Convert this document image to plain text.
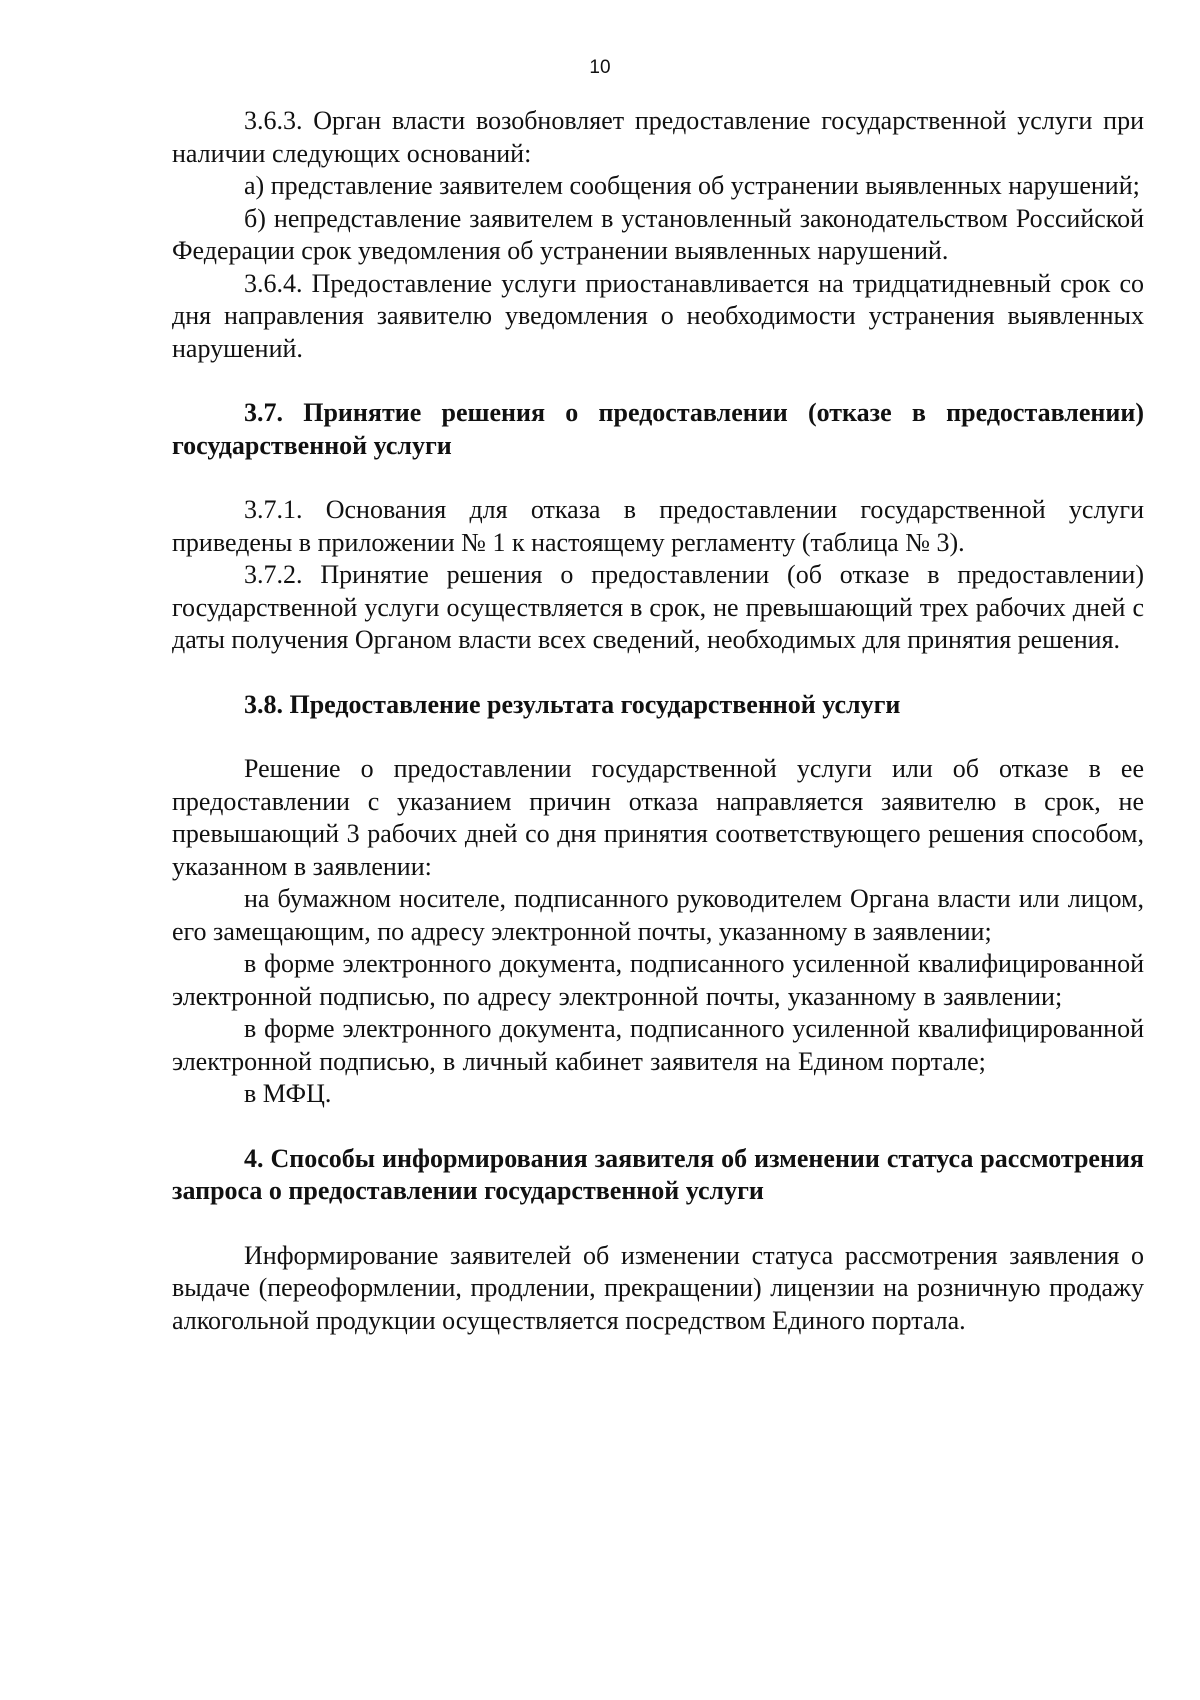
10

3.6.3. Орган власти возобновляет предоставление государственной услуги при наличии следующих оснований:

а) представление заявителем сообщения об устранении выявленных нарушений;

б) непредставление заявителем в установленный законодательством Российской Федерации срок уведомления об устранении выявленных нарушений.

3.6.4. Предоставление услуги приостанавливается на тридцатидневный срок со дня направления заявителю уведомления о необходимости устранения выявленных нарушений.

3.7. Принятие решения о предоставлении (отказе в предоставлении) государственной услуги

3.7.1. Основания для отказа в предоставлении государственной услуги приведены в приложении № 1 к настоящему регламенту (таблица № 3).

3.7.2. Принятие решения о предоставлении (об отказе в предоставлении) государственной услуги осуществляется в срок, не превышающий трех рабочих дней с даты получения Органом власти всех сведений, необходимых для принятия решения.

3.8. Предоставление результата государственной услуги

Решение о предоставлении государственной услуги или об отказе в ее предоставлении с указанием причин отказа направляется заявителю в срок, не превышающий 3 рабочих дней со дня принятия соответствующего решения способом, указанном в заявлении:

на бумажном носителе, подписанного руководителем Органа власти или лицом, его замещающим, по адресу электронной почты, указанному в заявлении;

в форме электронного документа, подписанного усиленной квалифицированной электронной подписью, по адресу электронной почты, указанному в заявлении;

в форме электронного документа, подписанного усиленной квалифицированной электронной подписью, в личный кабинет заявителя на Едином портале;

в МФЦ.

4. Способы информирования заявителя об изменении статуса рассмотрения запроса о предоставлении государственной услуги

Информирование заявителей об изменении статуса рассмотрения заявления о выдаче (переоформлении, продлении, прекращении) лицензии на розничную продажу алкогольной продукции осуществляется посредством Единого портала.
